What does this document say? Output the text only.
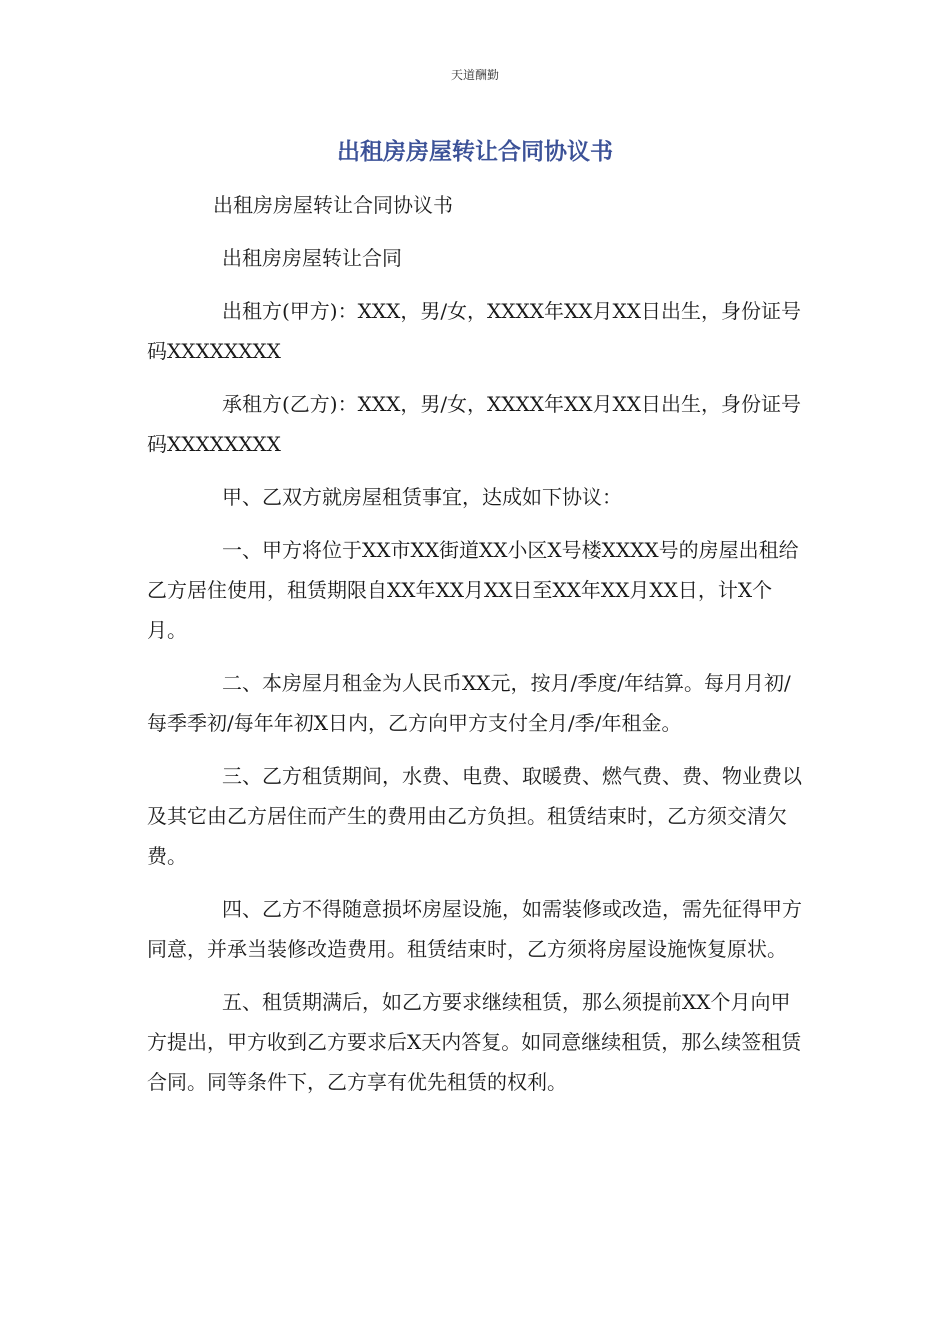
天道酬勤
出租房房屋转让合同协议书

出租房房屋转让合同协议书

出租房房屋转让合同

出租方(甲方)：XXX，男/女，XXXX年XX月XX日出生，身份证号码XXXXXXXX

承租方(乙方)：XXX，男/女，XXXX年XX月XX日出生，身份证号码XXXXXXXX

甲、乙双方就房屋租赁事宜，达成如下协议：

一、甲方将位于XX市XX街道XX小区X号楼XXXX号的房屋出租给乙方居住使用，租赁期限自XX年XX月XX日至XX年XX月XX日，计X个月。

二、本房屋月租金为人民币XX元，按月/季度/年结算。每月月初/每季季初/每年年初X日内，乙方向甲方支付全月/季/年租金。

三、乙方租赁期间，水费、电费、取暖费、燃气费、费、物业费以及其它由乙方居住而产生的费用由乙方负担。租赁结束时，乙方须交清欠费。

四、乙方不得随意损坏房屋设施，如需装修或改造，需先征得甲方同意，并承当装修改造费用。租赁结束时，乙方须将房屋设施恢复原状。

五、租赁期满后，如乙方要求继续租赁，那么须提前XX个月向甲方提出，甲方收到乙方要求后X天内答复。如同意继续租赁，那么续签租赁合同。同等条件下，乙方享有优先租赁的权利。
